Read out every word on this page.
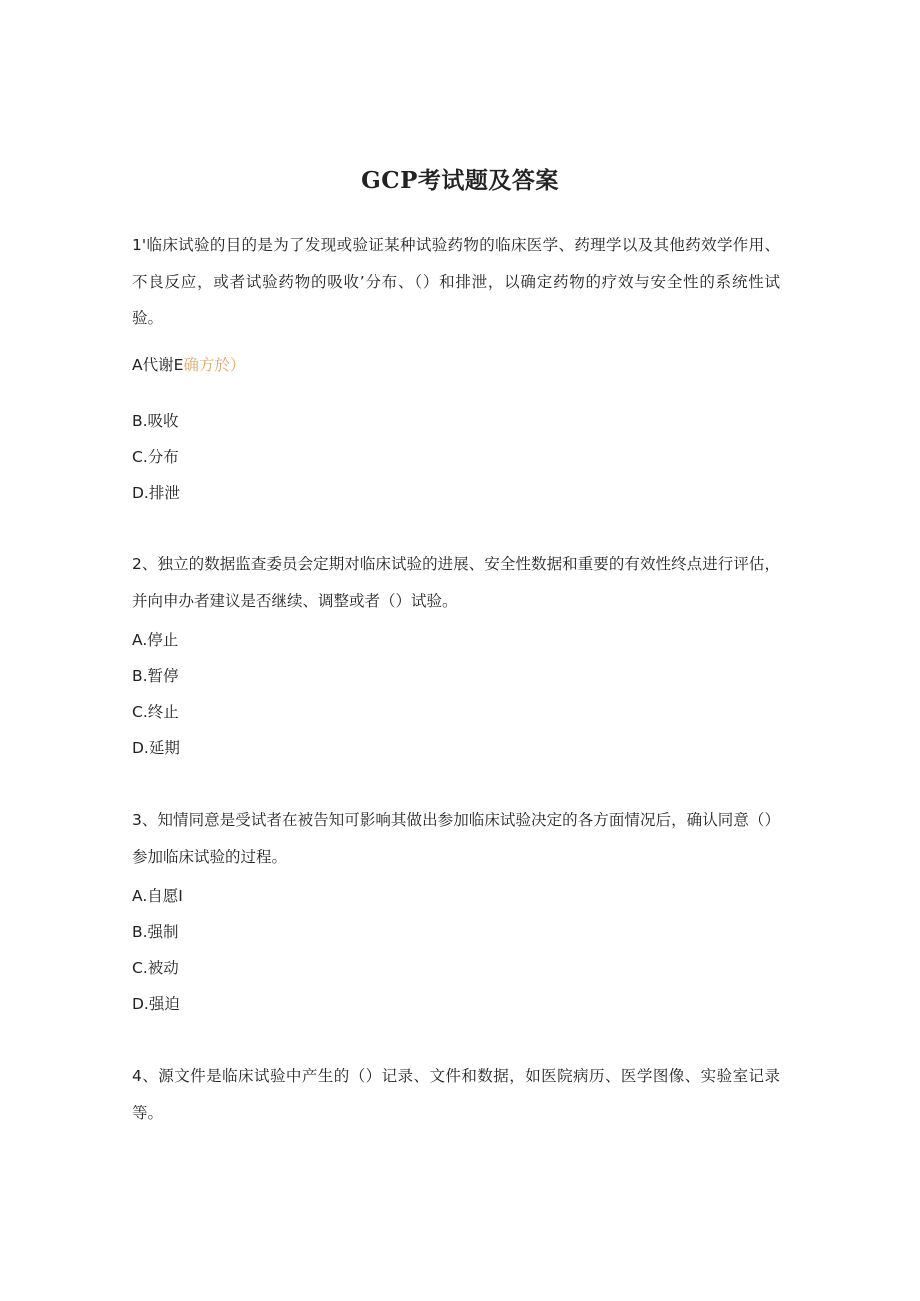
GCP考试题及答案

1'临床试验的目的是为了发现或验证某种试验药物的临床医学、药理学以及其他药效学作用、不良反应，或者试验药物的吸收’分布、（）和排泄，以确定药物的疗效与安全性的系统性试验。

A代谢E确方於）
B.吸收
C.分布
D.排泄

2、独立的数据监查委员会定期对临床试验的进展、安全性数据和重要的有效性终点进行评估，并向申办者建议是否继续、调整或者（）试验。

A.停止
B.暂停
C.终止
D.延期

3、知情同意是受试者在被告知可影响其做出参加临床试验决定的各方面情况后，确认同意（）参加临床试验的过程。

A.自愿I
B.强制
C.被动
D.强迫

4、源文件是临床试验中产生的（）记录、文件和数据，如医院病历、医学图像、实验室记录等。
